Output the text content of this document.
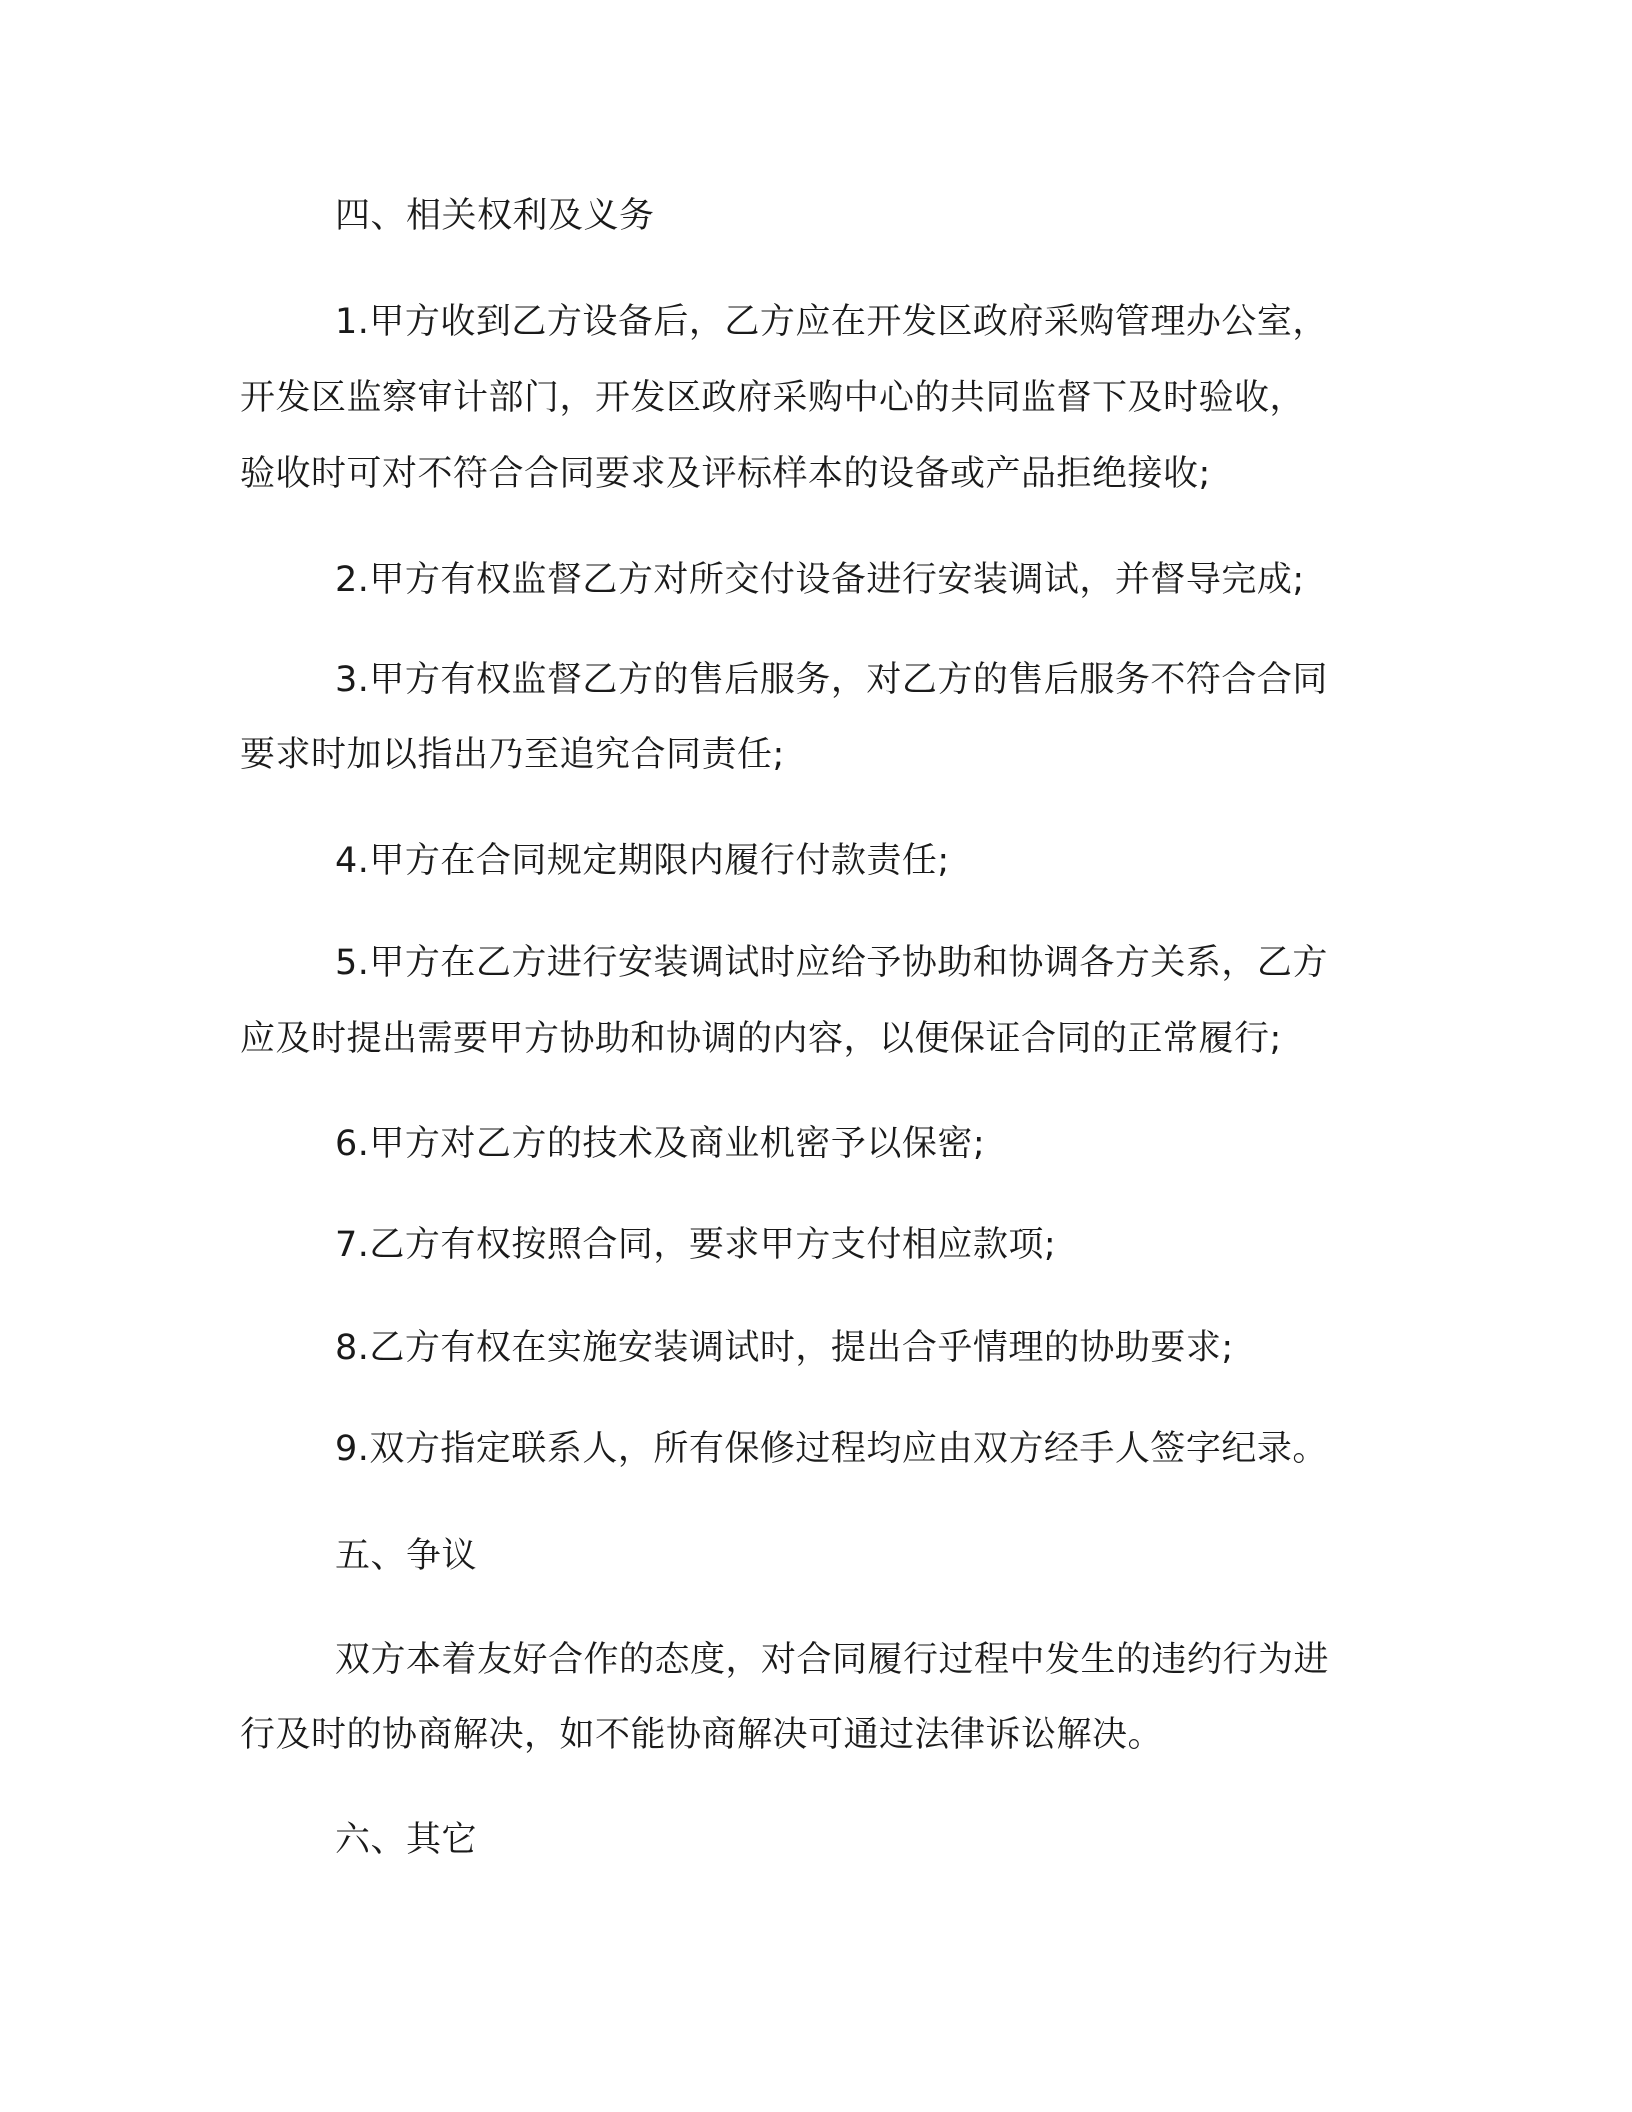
四、相关权利及义务
1.甲方收到乙方设备后，乙方应在开发区政府采购管理办公室，
开发区监察审计部门，开发区政府采购中心的共同监督下及时验收，
验收时可对不符合合同要求及评标样本的设备或产品拒绝接收;
2.甲方有权监督乙方对所交付设备进行安装调试，并督导完成;
3.甲方有权监督乙方的售后服务，对乙方的售后服务不符合合同
要求时加以指出乃至追究合同责任;
4.甲方在合同规定期限内履行付款责任;
5.甲方在乙方进行安装调试时应给予协助和协调各方关系，乙方
应及时提出需要甲方协助和协调的内容，以便保证合同的正常履行;
6.甲方对乙方的技术及商业机密予以保密;
7.乙方有权按照合同，要求甲方支付相应款项;
8.乙方有权在实施安装调试时，提出合乎情理的协助要求;
9.双方指定联系人，所有保修过程均应由双方经手人签字纪录。
五、争议
双方本着友好合作的态度，对合同履行过程中发生的违约行为进
行及时的协商解决，如不能协商解决可通过法律诉讼解决。
六、其它
